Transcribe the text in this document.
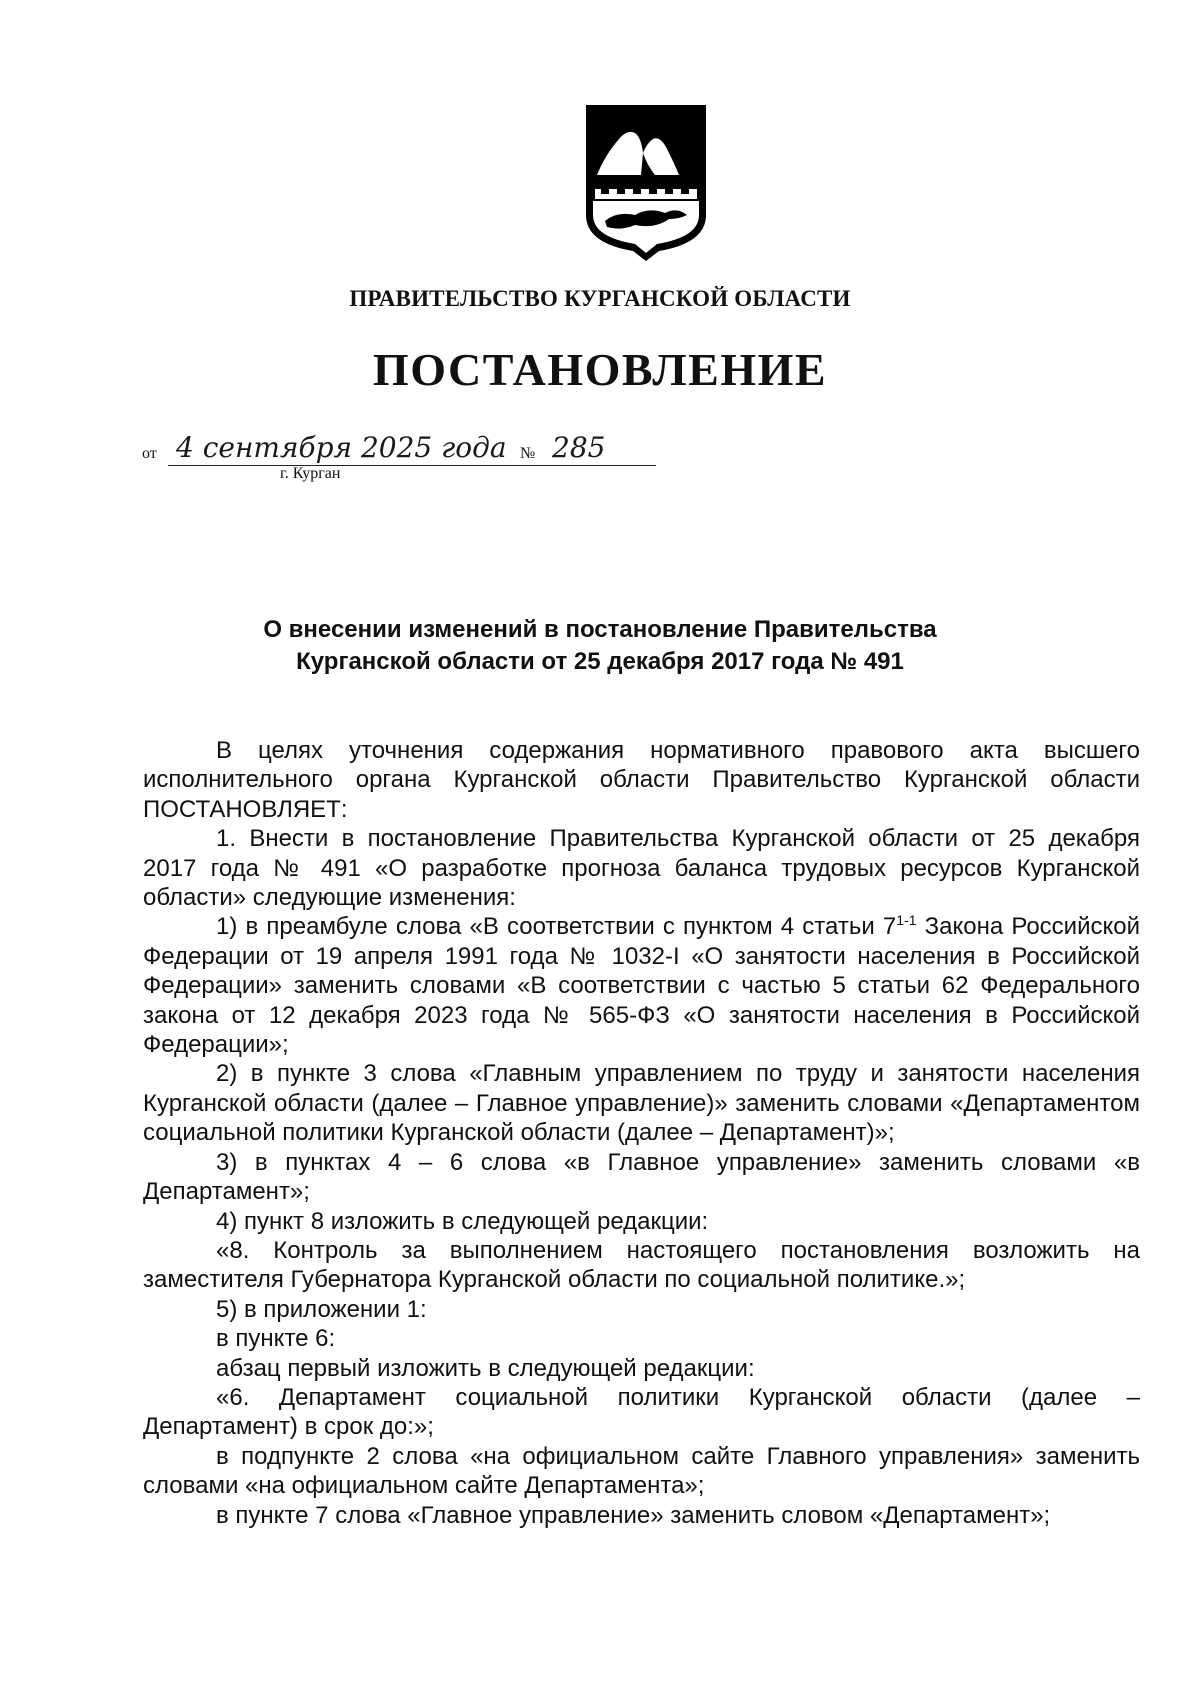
ПРАВИТЕЛЬСТВО КУРГАНСКОЙ ОБЛАСТИ
ПОСТАНОВЛЕНИЕ
от 4 сентября 2025 года № 285
г. Курган
О внесении изменений в постановление Правительства
Курганской области от 25 декабря 2017 года № 491

В целях уточнения содержания нормативного правового акта высшего исполнительного органа Курганской области Правительство Курганской области ПОСТАНОВЛЯЕТ:

1. Внести в постановление Правительства Курганской области от 25 декабря 2017 года № 491 «О разработке прогноза баланса трудовых ресурсов Курганской области» следующие изменения:

1) в преамбуле слова «В соответствии с пунктом 4 статьи 7$^{1-1}$ Закона Российской Федерации от 19 апреля 1991 года № 1032-I «О занятости населения в Российской Федерации» заменить словами «В соответствии с частью 5 статьи 62 Федерального закона от 12 декабря 2023 года № 565-ФЗ «О занятости населения в Российской Федерации»;

2) в пункте 3 слова «Главным управлением по труду и занятости населения Курганской области (далее – Главное управление)» заменить словами «Департаментом социальной политики Курганской области (далее – Департамент)»;

3) в пунктах 4 – 6 слова «в Главное управление» заменить словами «в Департамент»;

4) пункт 8 изложить в следующей редакции:

«8. Контроль за выполнением настоящего постановления возложить на заместителя Губернатора Курганской области по социальной политике.»;

5) в приложении 1:

в пункте 6:

абзац первый изложить в следующей редакции:

«6. Департамент социальной политики Курганской области (далее – Департамент) в срок до:»;

в подпункте 2 слова «на официальном сайте Главного управления» заменить словами «на официальном сайте Департамента»;

в пункте 7 слова «Главное управление» заменить словом «Департамент»;
